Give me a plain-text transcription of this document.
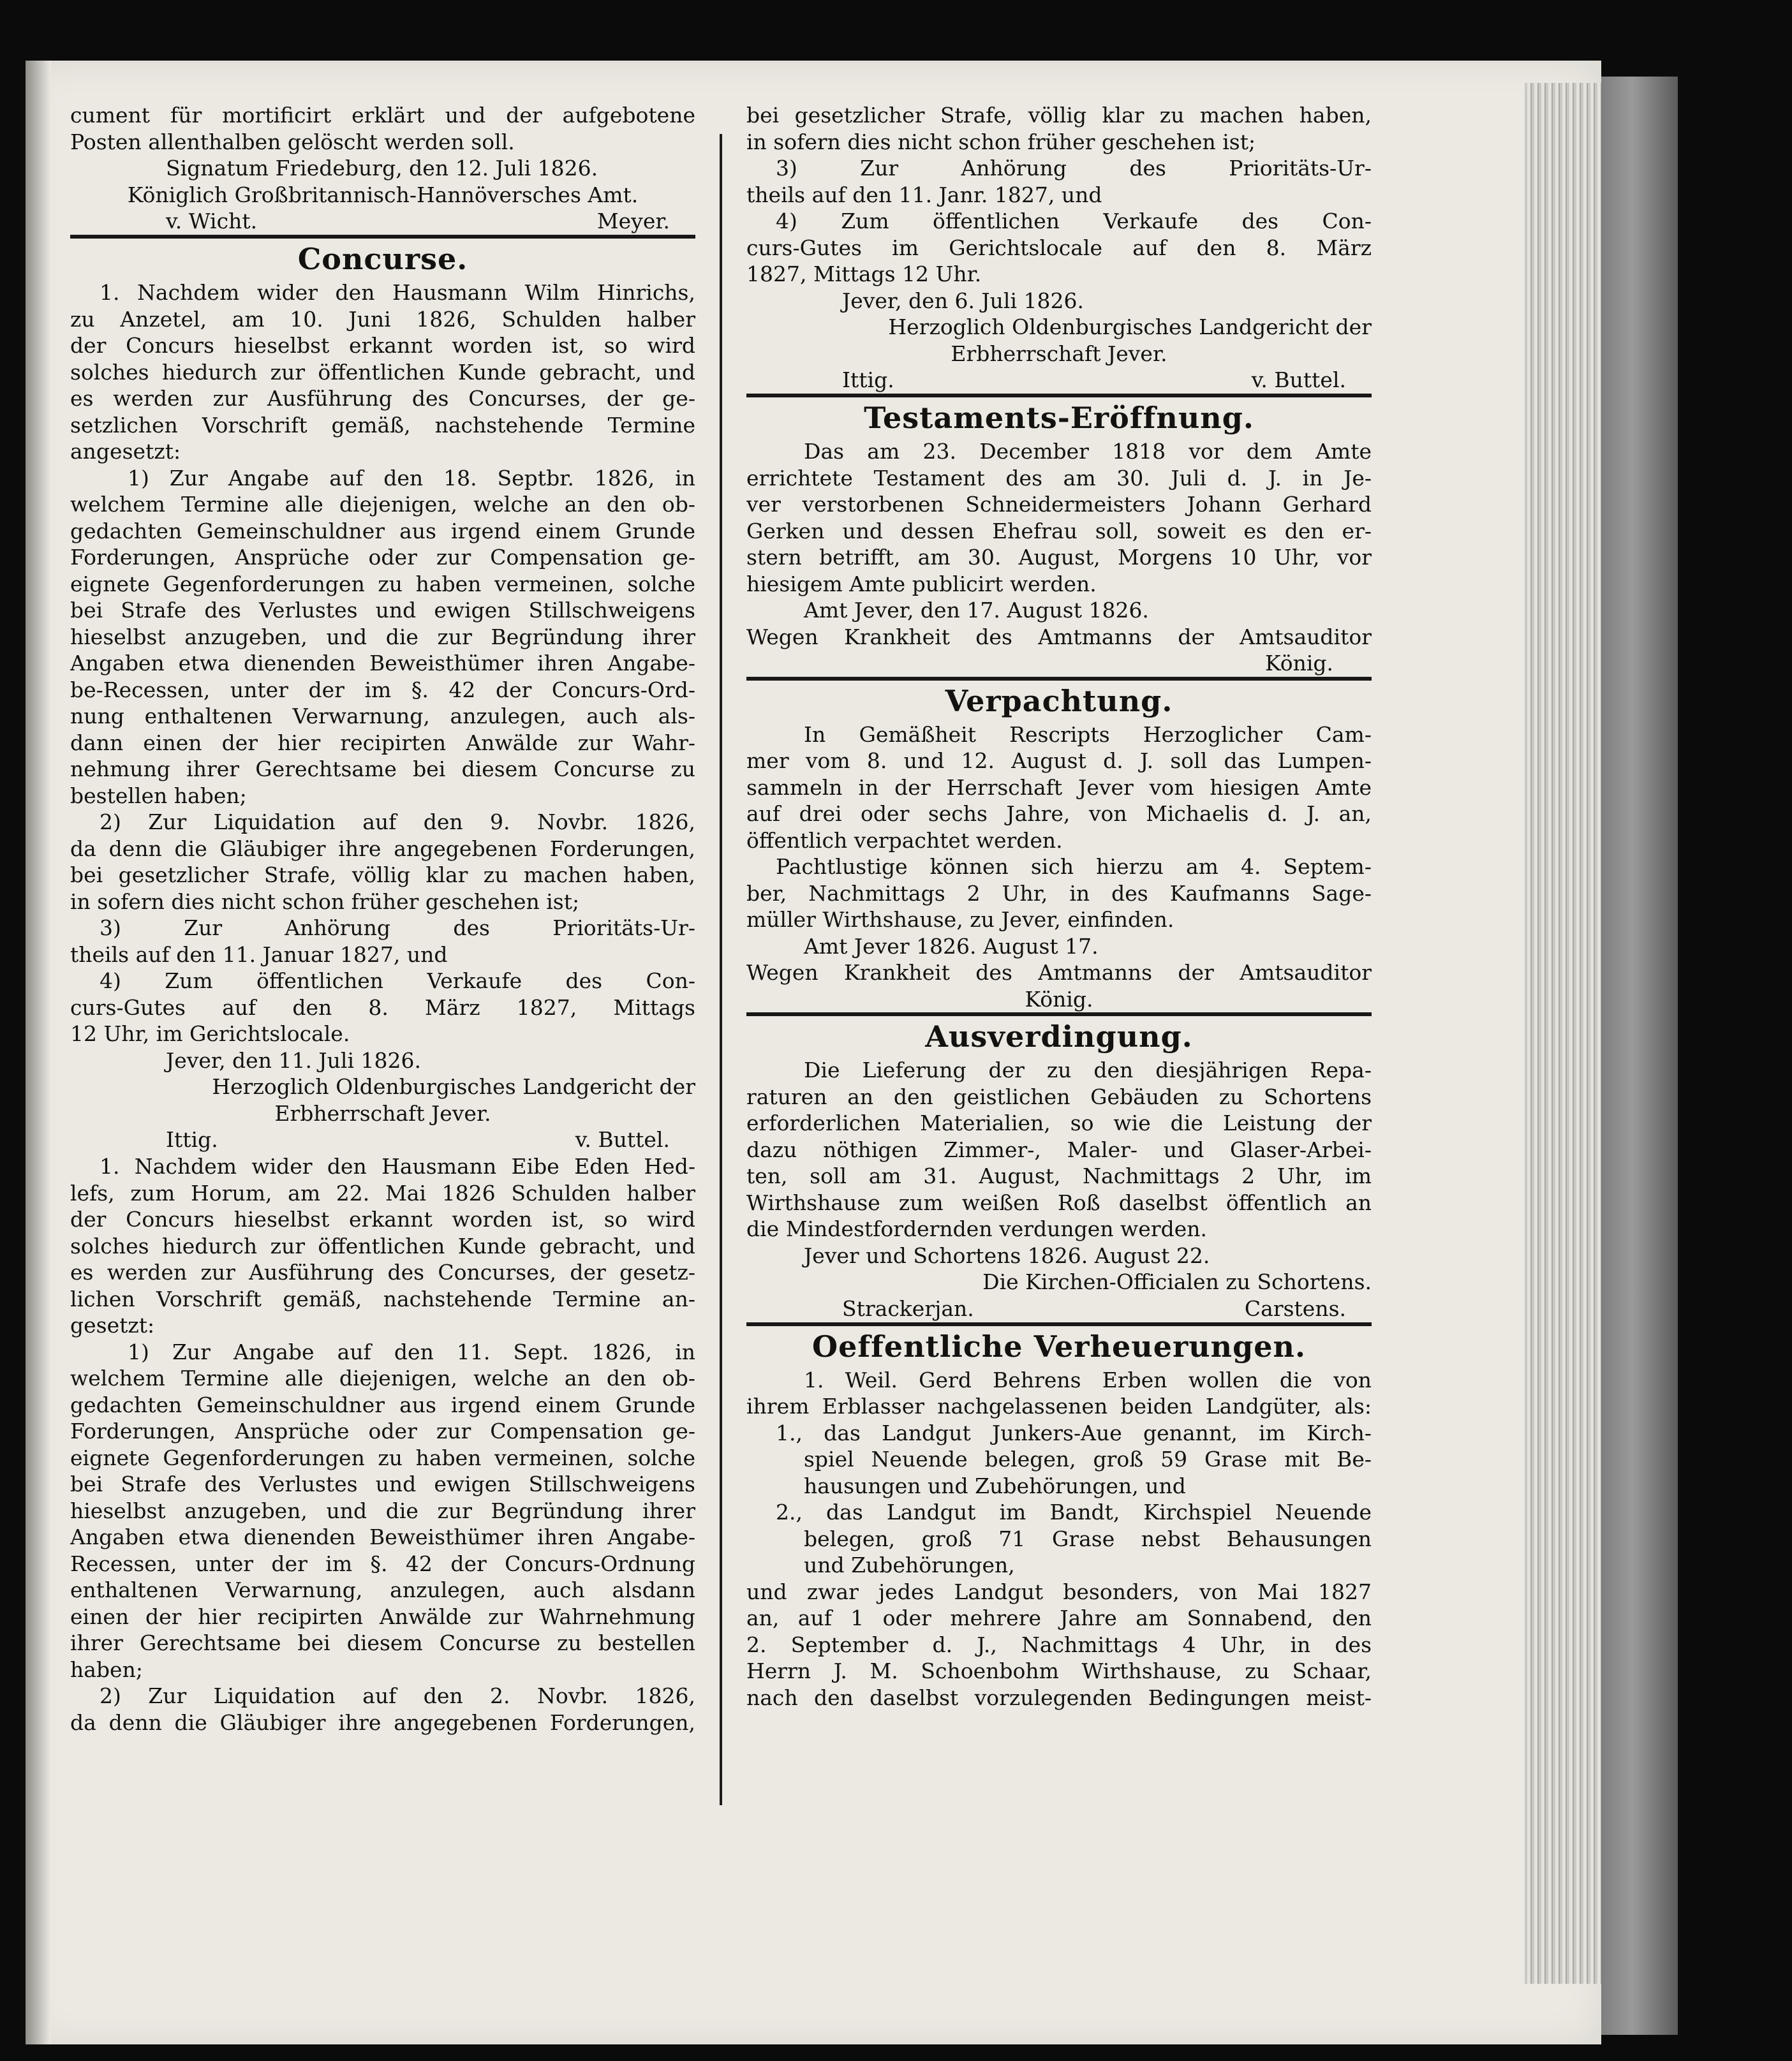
cument für mortificirt erklärt und der aufgebotene
Posten allenthalben gelöscht werden soll.
Signatum Friedeburg, den 12. Juli 1826.
Königlich Großbritannisch-Hannöversches Amt.
v. Wicht.	Meyer.
Concurse.
1. Nachdem wider den Hausmann Wilm Hinrichs,
zu Anzetel, am 10. Juni 1826, Schulden halber
der Concurs hieselbst erkannt worden ist, so wird
solches hiedurch zur öffentlichen Kunde gebracht, und
es werden zur Ausführung des Concurses, der ge-
setzlichen Vorschrift gemäß, nachstehende Termine
angesetzt:
1) Zur Angabe auf den 18. Septbr. 1826, in
welchem Termine alle diejenigen, welche an den ob-
gedachten Gemeinschuldner aus irgend einem Grunde
Forderungen, Ansprüche oder zur Compensation ge-
eignete Gegenforderungen zu haben vermeinen, solche
bei Strafe des Verlustes und ewigen Stillschweigens
hieselbst anzugeben, und die zur Begründung ihrer
Angaben etwa dienenden Beweisthümer ihren Angabe-
be-Recessen, unter der im §. 42 der Concurs-Ord-
nung enthaltenen Verwarnung, anzulegen, auch als-
dann einen der hier recipirten Anwälde zur Wahr-
nehmung ihrer Gerechtsame bei diesem Concurse zu
bestellen haben;
2) Zur Liquidation auf den 9. Novbr. 1826,
da denn die Gläubiger ihre angegebenen Forderungen,
bei gesetzlicher Strafe, völlig klar zu machen haben,
in sofern dies nicht schon früher geschehen ist;
3) Zur Anhörung des Prioritäts-Ur-
theils auf den 11. Januar 1827, und
4) Zum öffentlichen Verkaufe des Con-
curs-Gutes auf den 8. März 1827, Mittags
12 Uhr, im Gerichtslocale.
Jever, den 11. Juli 1826.
Herzoglich Oldenburgisches Landgericht der
Erbherrschaft Jever.
Ittig.	v. Buttel.
1. Nachdem wider den Hausmann Eibe Eden Hed-
lefs, zum Horum, am 22. Mai 1826 Schulden halber
der Concurs hieselbst erkannt worden ist, so wird
solches hiedurch zur öffentlichen Kunde gebracht, und
es werden zur Ausführung des Concurses, der gesetz-
lichen Vorschrift gemäß, nachstehende Termine an-
gesetzt:
1) Zur Angabe auf den 11. Sept. 1826, in
welchem Termine alle diejenigen, welche an den ob-
gedachten Gemeinschuldner aus irgend einem Grunde
Forderungen, Ansprüche oder zur Compensation ge-
eignete Gegenforderungen zu haben vermeinen, solche
bei Strafe des Verlustes und ewigen Stillschweigens
hieselbst anzugeben, und die zur Begründung ihrer
Angaben etwa dienenden Beweisthümer ihren Angabe-
Recessen, unter der im §. 42 der Concurs-Ordnung
enthaltenen Verwarnung, anzulegen, auch alsdann
einen der hier recipirten Anwälde zur Wahrnehmung
ihrer Gerechtsame bei diesem Concurse zu bestellen
haben;
2) Zur Liquidation auf den 2. Novbr. 1826,
da denn die Gläubiger ihre angegebenen Forderungen,
bei gesetzlicher Strafe, völlig klar zu machen haben,
in sofern dies nicht schon früher geschehen ist;
3) Zur Anhörung des Prioritäts-Ur-
theils auf den 11. Janr. 1827, und
4) Zum öffentlichen Verkaufe des Con-
curs-Gutes im Gerichtslocale auf den 8. März
1827, Mittags 12 Uhr.
Jever, den 6. Juli 1826.
Herzoglich Oldenburgisches Landgericht der
Erbherrschaft Jever.
Ittig.	v. Buttel.
Testaments-Eröffnung.
Das am 23. December 1818 vor dem Amte
errichtete Testament des am 30. Juli d. J. in Je-
ver verstorbenen Schneidermeisters Johann Gerhard
Gerken und dessen Ehefrau soll, soweit es den er-
stern betrifft, am 30. August, Morgens 10 Uhr, vor
hiesigem Amte publicirt werden.
Amt Jever, den 17. August 1826.
Wegen Krankheit des Amtmanns der Amtsauditor
König.
Verpachtung.
In Gemäßheit Rescripts Herzoglicher Cam-
mer vom 8. und 12. August d. J. soll das Lumpen-
sammeln in der Herrschaft Jever vom hiesigen Amte
auf drei oder sechs Jahre, von Michaelis d. J. an,
öffentlich verpachtet werden.
Pachtlustige können sich hierzu am 4. Septem-
ber, Nachmittags 2 Uhr, in des Kaufmanns Sage-
müller Wirthshause, zu Jever, einfinden.
Amt Jever 1826. August 17.
Wegen Krankheit des Amtmanns der Amtsauditor
König.
Ausverdingung.
Die Lieferung der zu den diesjährigen Repa-
raturen an den geistlichen Gebäuden zu Schortens
erforderlichen Materialien, so wie die Leistung der
dazu nöthigen Zimmer-, Maler- und Glaser-Arbei-
ten, soll am 31. August, Nachmittags 2 Uhr, im
Wirthshause zum weißen Roß daselbst öffentlich an
die Mindestfordernden verdungen werden.
Jever und Schortens 1826. August 22.
Die Kirchen-Officialen zu Schortens.
Strackerjan.	Carstens.
Oeffentliche Verheuerungen.
1. Weil. Gerd Behrens Erben wollen die von
ihrem Erblasser nachgelassenen beiden Landgüter, als:
1., das Landgut Junkers-Aue genannt, im Kirch-
spiel Neuende belegen, groß 59 Grase mit Be-
hausungen und Zubehörungen, und
2., das Landgut im Bandt, Kirchspiel Neuende
belegen, groß 71 Grase nebst Behausungen
und Zubehörungen,
und zwar jedes Landgut besonders, von Mai 1827
an, auf 1 oder mehrere Jahre am Sonnabend, den
2. September d. J., Nachmittags 4 Uhr, in des
Herrn J. M. Schoenbohm Wirthshause, zu Schaar,
nach den daselbst vorzulegenden Bedingungen meist-
